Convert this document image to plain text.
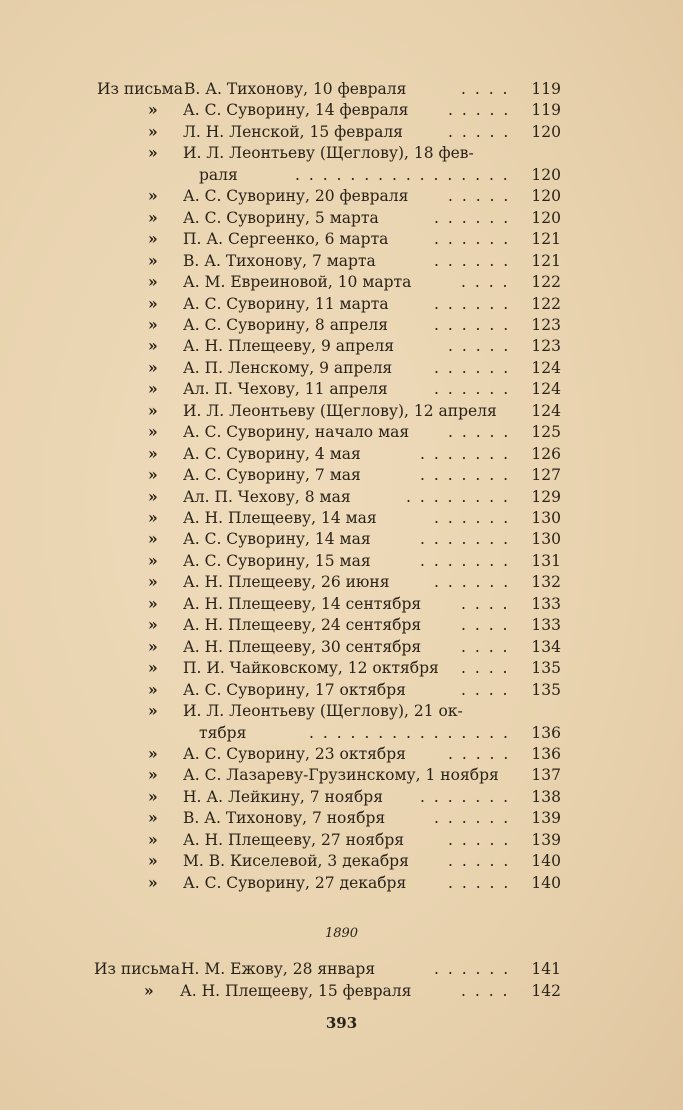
Из письма В. А. Тихонову, 10 февраля	. . . . 119
» А. С. Суворину, 14 февраля	. . . . . 119
» Л. Н. Ленской, 15 февраля	. . . . . 120
» И. Л. Леонтьеву (Щеглову), 18 фев-
раля	. . . . . . . . . . . . . . . . 120
» А. С. Суворину, 20 февраля	. . . . . 120
» А. С. Суворину, 5 марта	. . . . . . 120
» П. А. Сергеенко, 6 марта	. . . . . . 121
» В. А. Тихонову, 7 марта	. . . . . . 121
» А. М. Евреиновой, 10 марта	. . . . 122
» А. С. Суворину, 11 марта	. . . . . . 122
» А. С. Суворину, 8 апреля	. . . . . . 123
» А. Н. Плещееву, 9 апреля	. . . . . 123
» А. П. Ленскому, 9 апреля	. . . . . . 124
» Ал. П. Чехову, 11 апреля	. . . . . . 124
» И. Л. Леонтьеву (Щеглову), 12 апреля 124
» А. С. Суворину, начало мая	. . . . . 125
» А. С. Суворину, 4 мая	. . . . . . . 126
» А. С. Суворину, 7 мая	. . . . . . . 127
» Ал. П. Чехову, 8 мая	. . . . . . . . 129
» А. Н. Плещееву, 14 мая	. . . . . . 130
» А. С. Суворину, 14 мая	. . . . . . . 130
» А. С. Суворину, 15 мая	. . . . . . . 131
» А. Н. Плещееву, 26 июня	. . . . . . 132
» А. Н. Плещееву, 14 сентября	. . . . 133
» А. Н. Плещееву, 24 сентября	. . . . 133
» А. Н. Плещееву, 30 сентября	. . . . 134
» П. И. Чайковскому, 12 октября . . . . 135
» А. С. Суворину, 17 октября	. . . . 135
» И. Л. Леонтьеву (Щеглову), 21 ок-
тября	. . . . . . . . . . . . . . . 136
» А. С. Суворину, 23 октября	. . . . . 136
» А. С. Лазареву-Грузинскому, 1 ноября 137
» Н. А. Лейкину, 7 ноября . . . . . . . 138
» В. А. Тихонову, 7 ноября	. . . . . . 139
» А. Н. Плещееву, 27 ноября	. . . . . 139
» М. В. Киселевой, 3 декабря	. . . . . 140
» А. С. Суворину, 27 декабря	. . . . . 140
Из письма Н. М. Ежову, 28 января	. . . . . . 141
» А. Н. Плещееву, 15 февраля	. . . . 142
1890
393
